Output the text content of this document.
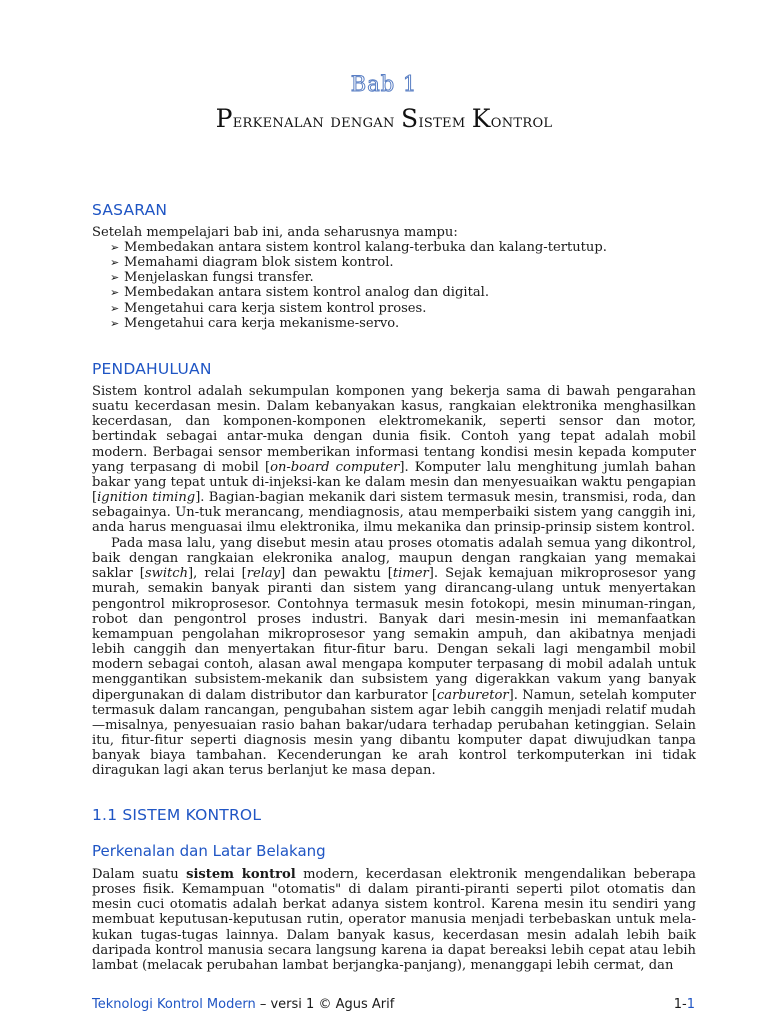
Bab 1
Perkenalan dengan Sistem Kontrol
SASARAN

Setelah mempelajari bab ini, anda seharusnya mampu:

➢ Membedakan antara sistem kontrol kalang-terbuka dan kalang-tertutup.
➢ Memahami diagram blok sistem kontrol.
➢ Menjelaskan fungsi transfer.
➢ Membedakan antara sistem kontrol analog dan digital.
➢ Mengetahui cara kerja sistem kontrol proses.
➢ Mengetahui cara kerja mekanisme-servo.
PENDAHULUAN

Sistem kontrol adalah sekumpulan komponen yang bekerja sama di bawah pengarahan suatu kecerdasan mesin. Dalam kebanyakan kasus, rangkaian elektronika menghasilkan kecerdasan, dan komponen-komponen elektromekanik, seperti sensor dan motor, bertindak sebagai antar-muka dengan dunia fisik. Contoh yang tepat adalah mobil modern. Berbagai sensor memberikan informasi tentang kondisi mesin kepada komputer yang terpasang di mobil [on-board computer]. Komputer lalu menghitung jumlah bahan bakar yang tepat untuk di-injeksi-kan ke dalam mesin dan menyesuaikan waktu pengapian [ignition timing]. Bagian-bagian mekanik dari sistem termasuk mesin, transmisi, roda, dan sebagainya. Un-tuk merancang, mendiagnosis, atau memperbaiki sistem yang canggih ini, anda harus menguasai ilmu elektronika, ilmu mekanika dan prinsip-prinsip sistem kontrol.

Pada masa lalu, yang disebut mesin atau proses otomatis adalah semua yang dikontrol, baik dengan rangkaian elekronika analog, maupun dengan rangkaian yang memakai saklar [switch], relai [relay] dan pewaktu [timer]. Sejak kemajuan mikroprosesor yang murah, semakin banyak piranti dan sistem yang dirancang-ulang untuk menyertakan pengontrol mikroprosesor. Contohnya termasuk mesin fotokopi, mesin minuman-ringan, robot dan pengontrol proses industri. Banyak dari mesin-mesin ini memanfaatkan kemampuan pengolahan mikroprosesor yang semakin ampuh, dan akibatnya menjadi lebih canggih dan menyertakan fitur-fitur baru. Dengan sekali lagi mengambil mobil modern sebagai contoh, alasan awal mengapa komputer terpasang di mobil adalah untuk menggantikan subsistem-mekanik dan subsistem yang digerakkan vakum yang banyak dipergunakan di dalam distributor dan karburator [carburetor]. Namun, setelah komputer termasuk dalam rancangan, pengubahan sistem agar lebih canggih menjadi relatif mudah—misalnya, penyesuaian rasio bahan bakar/udara terhadap perubahan ketinggian. Selain itu, fitur-fitur seperti diagnosis mesin yang dibantu komputer dapat diwujudkan tanpa banyak biaya tambahan. Kecenderungan ke arah kontrol terkomputerkan ini tidak diragukan lagi akan terus berlanjut ke masa depan.

1.1 SISTEM KONTROL
Perkenalan dan Latar Belakang

Dalam suatu sistem kontrol modern, kecerdasan elektronik mengendalikan beberapa proses fisik. Kemampuan "otomatis" di dalam piranti-piranti seperti pilot otomatis dan mesin cuci otomatis adalah berkat adanya sistem kontrol. Karena mesin itu sendiri yang membuat keputusan-keputusan rutin, operator manusia menjadi terbebaskan untuk mela-kukan tugas-tugas lainnya. Dalam banyak kasus, kecerdasan mesin adalah lebih baik daripada kontrol manusia secara langsung karena ia dapat bereaksi lebih cepat atau lebih lambat (melacak perubahan lambat berjangka-panjang), menanggapi lebih cermat, dan

Teknologi Kontrol Modern – versi 1 © Agus Arif	1-1
